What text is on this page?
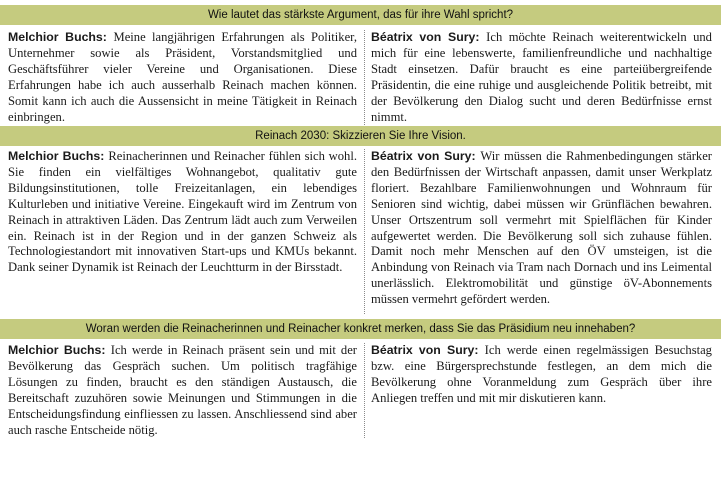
Wie lautet das stärkste Argument, das für ihre Wahl spricht?
Melchior Buchs: Meine langjährigen Erfahrungen als Politiker, Unternehmer sowie als Präsident, Vorstandsmitglied und Geschäftsführer vieler Vereine und Organisationen. Diese Erfahrungen habe ich auch ausserhalb Reinach machen können. Somit kann ich auch die Aussensicht in meine Tätigkeit in Reinach einbringen.
Béatrix von Sury: Ich möchte Reinach weiterentwickeln und mich für eine lebenswerte, familienfreundliche und nachhaltige Stadt einsetzen. Dafür braucht es eine parteiübergreifende Präsidentin, die eine ruhige und ausgleichende Politik betreibt, mit der Bevölkerung den Dialog sucht und deren Bedürfnisse ernst nimmt.
Reinach 2030: Skizzieren Sie Ihre Vision.
Melchior Buchs: Reinacherinnen und Reinacher fühlen sich wohl. Sie finden ein vielfältiges Wohnangebot, qualitativ gute Bildungsinstitutionen, tolle Freizeitanlagen, ein lebendiges Kulturleben und initiative Vereine. Eingekauft wird im Zentrum von Reinach in attraktiven Läden. Das Zentrum lädt auch zum Verweilen ein. Reinach ist in der Region und in der ganzen Schweiz als Technologiestandort mit innovativen Start-ups und KMUs bekannt. Dank seiner Dynamik ist Reinach der Leuchtturm in der Birsstadt.
Béatrix von Sury: Wir müssen die Rahmenbedingungen stärker den Bedürfnissen der Wirtschaft anpassen, damit unser Werkplatz floriert. Bezahlbare Familienwohnungen und Wohnraum für Senioren sind wichtig, dabei müssen wir Grünflächen bewahren. Unser Ortszentrum soll vermehrt mit Spielflächen für Kinder aufgewertet werden. Die Bevölkerung soll sich zuhause fühlen. Damit noch mehr Menschen auf den ÖV umsteigen, ist die Anbindung von Reinach via Tram nach Dornach und ins Leimental unerlässlich. Elektromobilität und günstige öV-Abonnements müssen vermehrt gefördert werden.
Woran werden die Reinacherinnen und Reinacher konkret merken, dass Sie das Präsidium neu innehaben?
Melchior Buchs: Ich werde in Reinach präsent sein und mit der Bevölkerung das Gespräch suchen. Um politisch tragfähige Lösungen zu finden, braucht es den ständigen Austausch, die Bereitschaft zuzuhören sowie Meinungen und Stimmungen in die Entscheidungsfindung einfliessen zu lassen. Anschliessend sind aber auch rasche Entscheide nötig.
Béatrix von Sury: Ich werde einen regelmässigen Besuchstag bzw. eine Bürgersprechstunde festlegen, an dem mich die Bevölkerung ohne Voranmeldung zum Gespräch über ihre Anliegen treffen und mit mir diskutieren kann.
